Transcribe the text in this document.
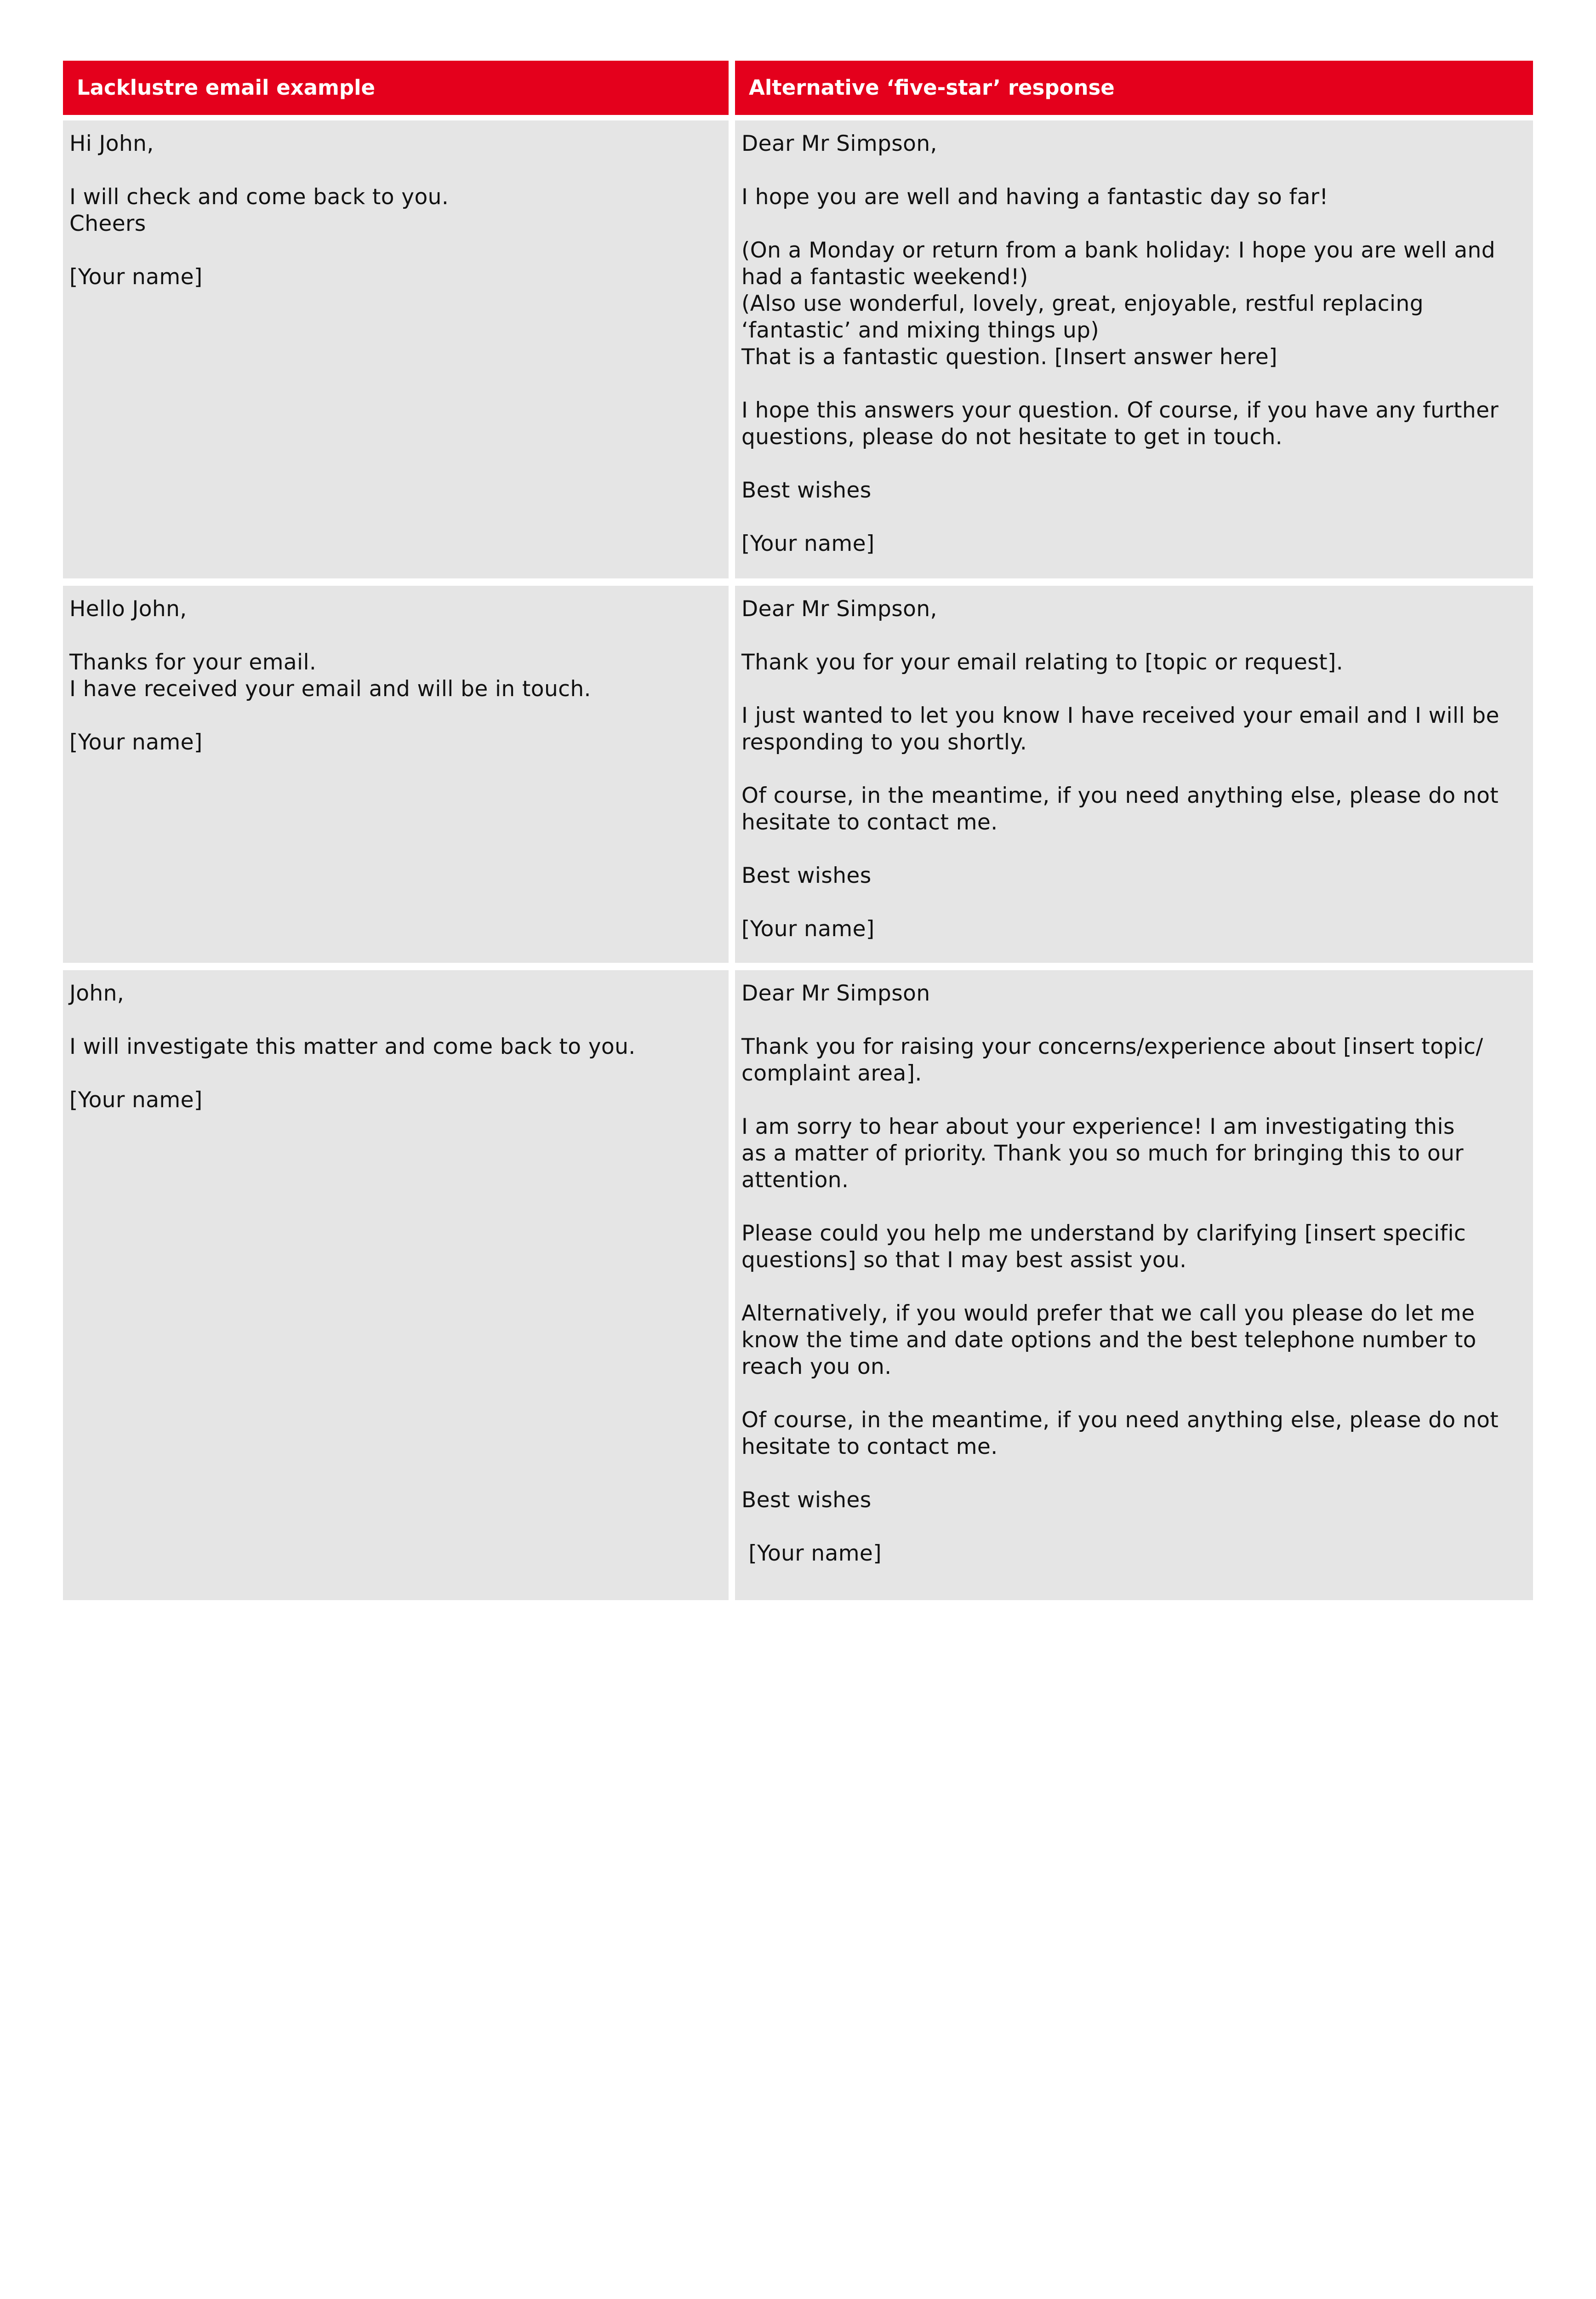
Lacklustre email example	Alternative ‘five-star’ response

Hi John,

I will check and come back to you.
Cheers

[Your name]

Dear Mr Simpson,

I hope you are well and having a fantastic day so far!

(On a Monday or return from a bank holiday: I hope you are well and
had a fantastic weekend!)
(Also use wonderful, lovely, great, enjoyable, restful replacing
‘fantastic’ and mixing things up)
That is a fantastic question. [Insert answer here]

I hope this answers your question. Of course, if you have any further
questions, please do not hesitate to get in touch.

Best wishes

[Your name]

Hello John,

Thanks for your email.
I have received your email and will be in touch.

[Your name]

Dear Mr Simpson,

Thank you for your email relating to [topic or request].

I just wanted to let you know I have received your email and I will be
responding to you shortly.

Of course, in the meantime, if you need anything else, please do not
hesitate to contact me.

Best wishes

[Your name]

John,

I will investigate this matter and come back to you.

[Your name]

Dear Mr Simpson

Thank you for raising your concerns/experience about [insert topic/
complaint area].

I am sorry to hear about your experience! I am investigating this
as a matter of priority. Thank you so much for bringing this to our
attention.

Please could you help me understand by clarifying [insert specific
questions] so that I may best assist you.

Alternatively, if you would prefer that we call you please do let me
know the time and date options and the best telephone number to
reach you on.

Of course, in the meantime, if you need anything else, please do not
hesitate to contact me.

Best wishes

[Your name]
